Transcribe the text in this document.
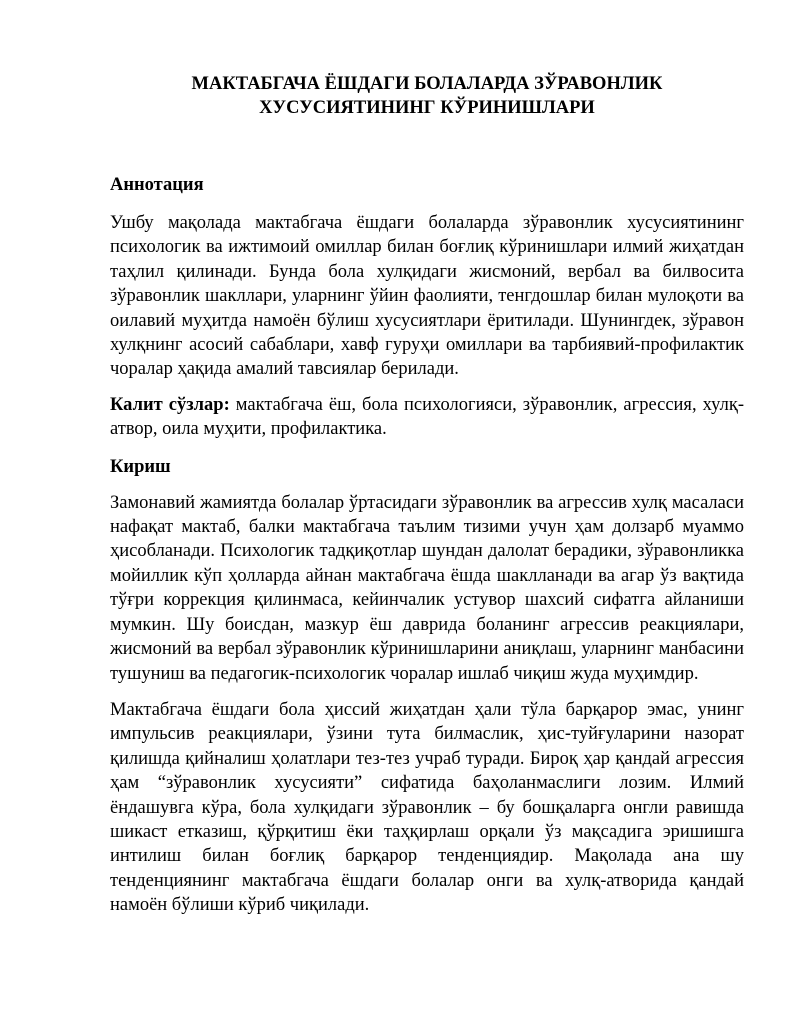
МАКТАБГАЧА ЁШДАГИ БОЛАЛАРДА ЗЎРАВОНЛИК
ХУСУСИЯТИНИНГ КЎРИНИШЛАРИ
Аннотация

Ушбу мақолада мактабгача ёшдаги болаларда зўравонлик хусусиятининг психологик ва ижтимоий омиллар билан боғлиқ кўринишлари илмий жиҳатдан таҳлил қилинади. Бунда бола хулқидаги жисмоний, вербал ва билвосита зўравонлик шакллари, уларнинг ўйин фаолияти, тенгдошлар билан мулоқоти ва оилавий муҳитда намоён бўлиш хусусиятлари ёритилади. Шунингдек, зўравон хулқнинг асосий сабаблари, хавф гуруҳи омиллари ва тарбиявий-профилактик чоралар ҳақида амалий тавсиялар берилади.

Калит сўзлар: мактабгача ёш, бола психологияси, зўравонлик, агрессия, хулқ-атвор, оила муҳити, профилактика.

Кириш

Замонавий жамиятда болалар ўртасидаги зўравонлик ва агрессив хулқ масаласи нафақат мактаб, балки мактабгача таълим тизими учун ҳам долзарб муаммо ҳисобланади. Психологик тадқиқотлар шундан далолат берадики, зўравонликка мойиллик кўп ҳолларда айнан мактабгача ёшда шаклланади ва агар ўз вақтида тўғри коррекция қилинмаса, кейинчалик устувор шахсий сифатга айланиши мумкин. Шу боисдан, мазкур ёш даврида боланинг агрессив реакциялари, жисмоний ва вербал зўравонлик кўринишларини аниқлаш, уларнинг манбасини тушуниш ва педагогик-психологик чоралар ишлаб чиқиш жуда муҳимдир.

Мактабгача ёшдаги бола ҳиссий жиҳатдан ҳали тўла барқарор эмас, унинг импульсив реакциялари, ўзини тута билмаслик, ҳис-туйғуларини назорат қилишда қийналиш ҳолатлари тез-тез учраб туради. Бироқ ҳар қандай агрессия ҳам “зўравонлик хусусияти” сифатида баҳоланмаслиги лозим. Илмий ёндашувга кўра, бола хулқидаги зўравонлик – бу бошқаларга онгли равишда шикаст етказиш, қўрқитиш ёки таҳқирлаш орқали ўз мақсадига эришишга интилиш билан боғлиқ барқарор тенденциядир. Мақолада ана шу тенденциянинг мактабгача ёшдаги болалар онги ва хулқ-атворида қандай намоён бўлиши кўриб чиқилади.
